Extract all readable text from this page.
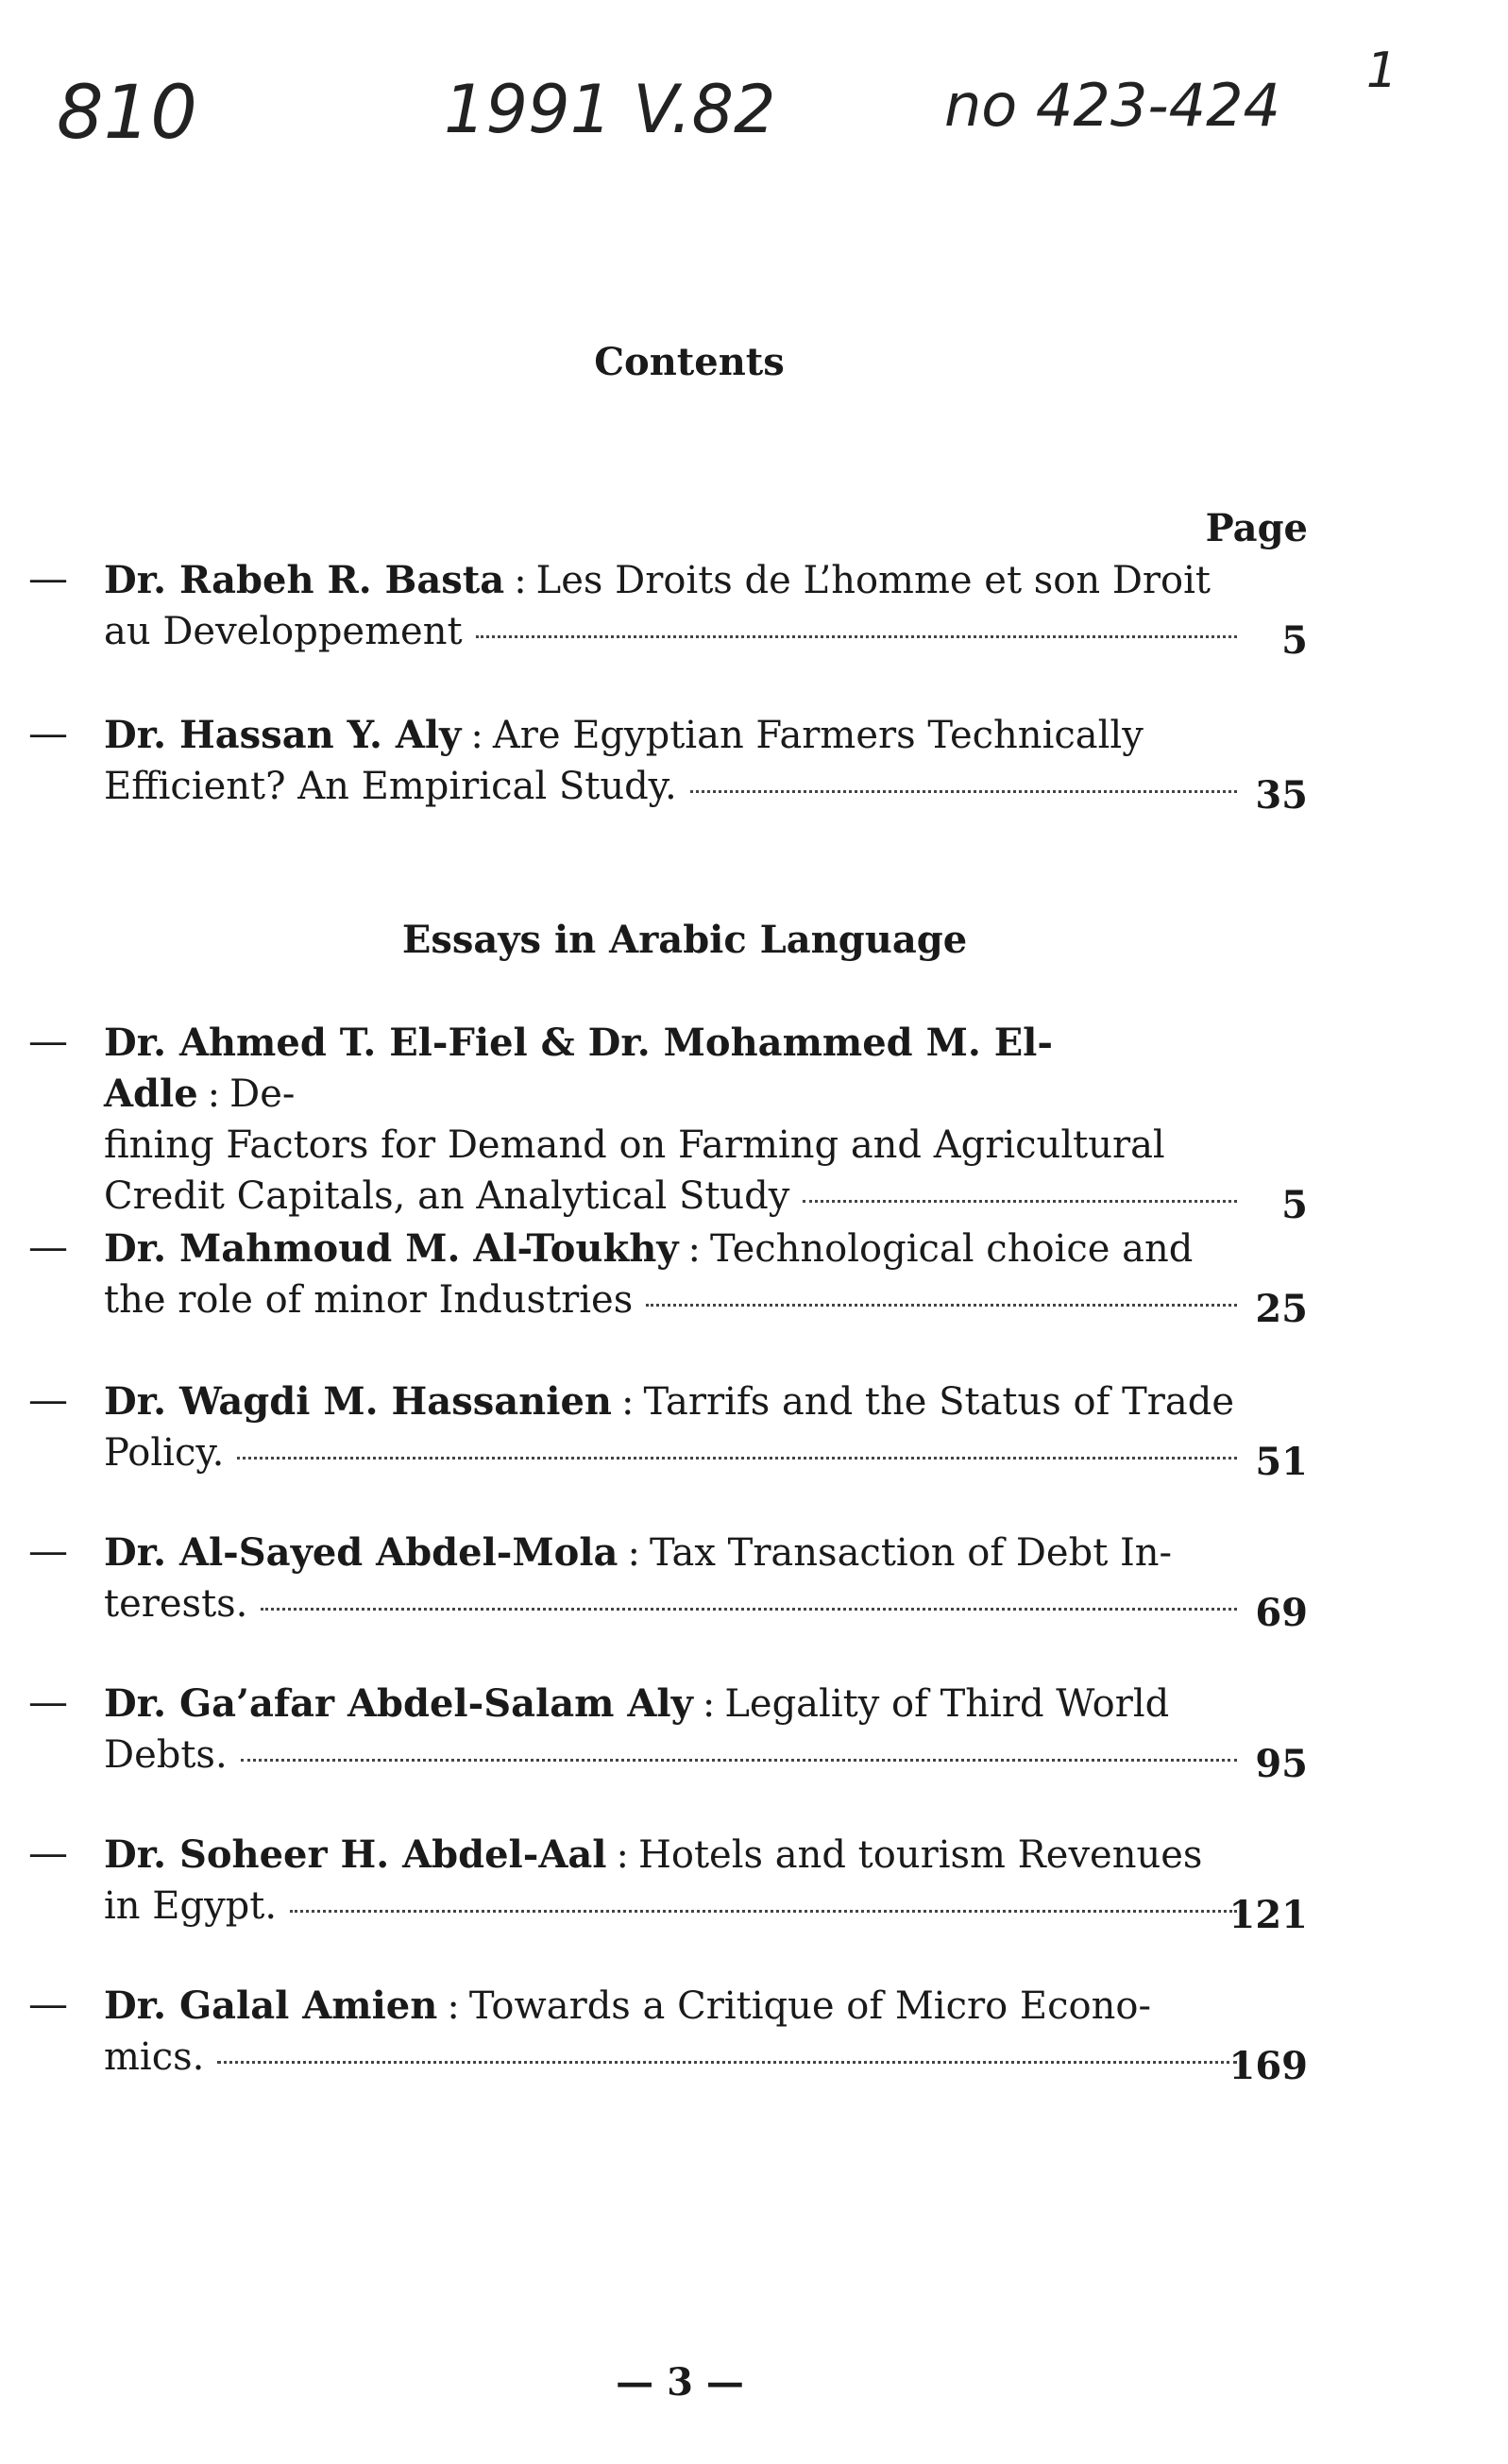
810	1991 V.82	no 423-424 1
Contents
Page
— Dr. Rabeh R. Basta : Les Droits de L’homme et son Droit
au Developpement	5
— Dr. Hassan Y. Aly : Are Egyptian Farmers Technically
Efficient? An Empirical Study.	35
Essays in Arabic Language
— Dr. Ahmed T. El-Fiel & Dr. Mohammed M. El-Adle : De-
fining Factors for Demand on Farming and Agricultural
Credit Capitals, an Analytical Study	5
— Dr. Mahmoud M. Al-Toukhy : Technological choice and
the role of minor Industries	25
— Dr. Wagdi M. Hassanien : Tarrifs and the Status of Trade
Policy.	51
— Dr. Al-Sayed Abdel-Mola : Tax Transaction of Debt In-
terests.	69
— Dr. Ga’afar Abdel-Salam Aly : Legality of Third World
Debts.	95
— Dr. Soheer H. Abdel-Aal : Hotels and tourism Revenues
in Egypt.	121
— Dr. Galal Amien : Towards a Critique of Micro Econo-
mics.	169
— 3 —
